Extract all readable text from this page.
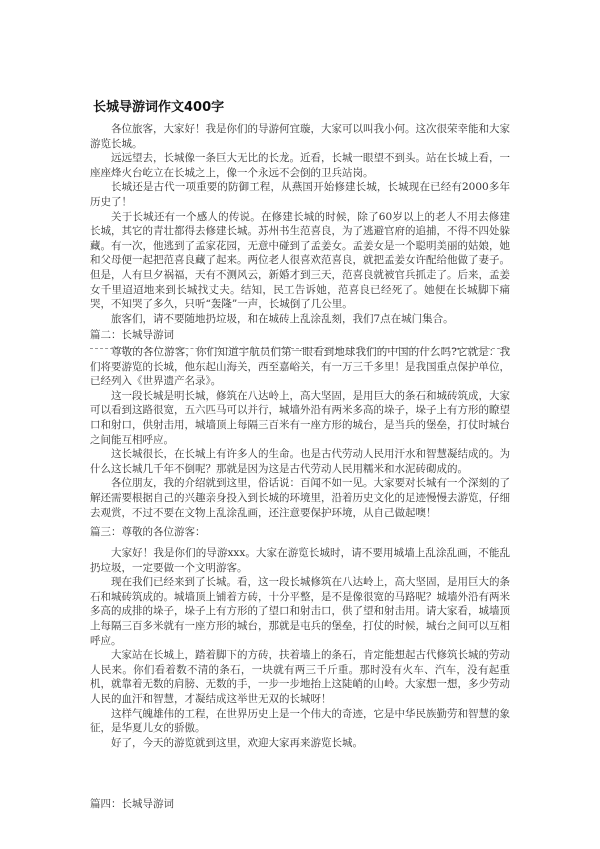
长城导游词作文400字

各位旅客，大家好！我是你们的导游何宜璇，大家可以叫我小何。这次很荣幸能和大家游览长城。

远远望去，长城像一条巨大无比的长龙。近看，长城一眼望不到头。站在长城上看，一座座烽火台屹立在长城之上，像一个永远不会倒的卫兵站岗。

长城还是古代一项重要的防御工程，从燕国开始修建长城，长城现在已经有2000多年历史了！

关于长城还有一个感人的传说。在修建长城的时候，除了60岁以上的老人不用去修建长城，其它的青壮都得去修建长城。苏州书生范喜良，为了逃避官府的追捕，不得不四处躲藏。有一次，他逃到了孟家花园，无意中碰到了孟姜女。孟姜女是一个聪明美丽的姑娘，她和父母便一起把范喜良藏了起来。两位老人很喜欢范喜良，就把孟姜女许配给他做了妻子。但是，人有旦夕祸福，天有不测风云，新婚才到三天，范喜良就被官兵抓走了。后来，孟姜女千里迢迢地来到长城找丈夫。结知，民工告诉她，范喜良已经死了。她便在长城脚下痛哭，不知哭了多久，只听“轰隆”一声，长城倒了几公里。

旅客们，请不要随地扔垃圾，和在城砖上乱涂乱刻，我们7点在城门集合。

篇二：长城导游词

尊敬的各位游客，你们知道宇航员们第一眼看到地球我们的中国的什么吗?它就是：我们将要游览的长城，他东起山海关，西至嘉峪关，有一万三千多里！是我国重点保护单位，已经列入《世界遗产名录》。

这一段长城是明长城，修筑在八达岭上，高大坚固，是用巨大的条石和城砖筑成，大家可以看到这路很宽，五六匹马可以并行，城墙外沿有两米多高的垛子，垛子上有方形的瞭望口和射口，供射击用，城墙顶上每隔三百米有一座方形的城台，是当兵的堡垒，打仗时城台之间能互相呼应。

这长城很长，在长城上有许多人的生命。也是古代劳动人民用汗水和智慧凝结成的。为什么这长城几千年不倒呢？那就是因为这是古代劳动人民用糯米和水泥砖砌成的。

各位朋友，我的介绍就到这里，俗话说：百闻不如一见。大家要对长城有一个深刻的了解还需要根据自己的兴趣亲身投入到长城的环境里，沿着历史文化的足迹慢慢去游览，仔细去观赏，不过不要在文物上乱涂乱画，还注意要保护环境，从自己做起噢！

篇三：尊敬的各位游客：

大家好！我是你们的导游xxx。大家在游览长城时，请不要用城墙上乱涂乱画，不能乱扔垃圾，一定要做一个文明游客。

现在我们已经来到了长城。看，这一段长城修筑在八达岭上，高大坚固，是用巨大的条石和城砖筑成的。城墙顶上铺着方砖，十分平整，是不是像很宽的马路呢？城墙外沿有两米多高的成排的垛子，垛子上有方形的了望口和射击口，供了望和射击用。请大家看，城墙顶上每隔三百多米就有一座方形的城台，那就是屯兵的堡垒，打仗的时候，城台之间可以互相呼应。

大家站在长城上，踏着脚下的方砖，扶着墙上的条石，肯定能想起古代修筑长城的劳动人民来。你们看着数不清的条石，一块就有两三千斤重。那时没有火车、汽车，没有起重机，就靠着无数的肩膀、无数的手，一步一步地抬上这陡峭的山岭。大家想一想，多少劳动人民的血汗和智慧，才凝结成这举世无双的长城呀！

这样气魄雄伟的工程，在世界历史上是一个伟大的奇迹，它是中华民族勤劳和智慧的象征，是华夏儿女的骄傲。

好了，今天的游览就到这里，欢迎大家再来游览长城。

篇四：长城导游词
